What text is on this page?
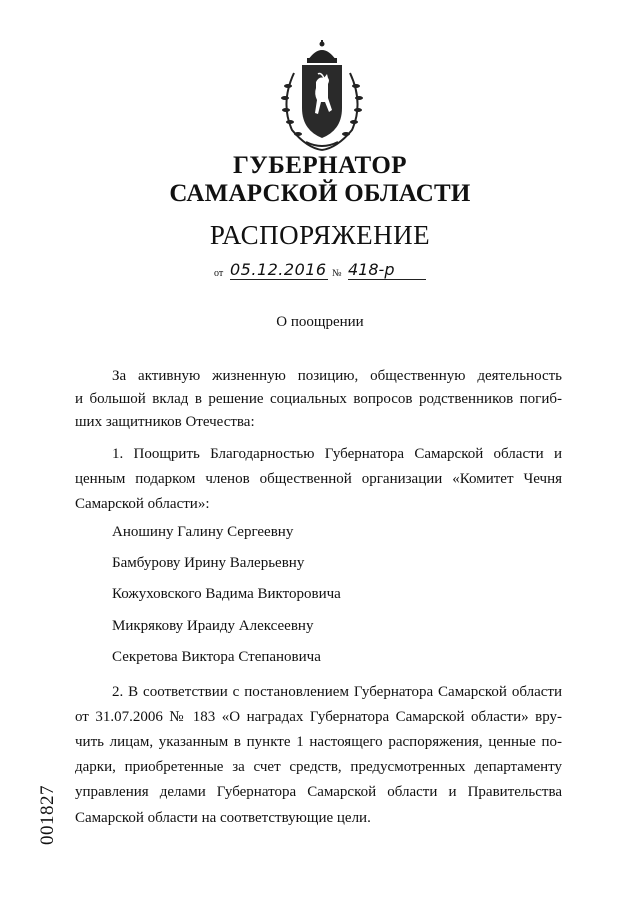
ГУБЕРНАТОР
САМАРСКОЙ ОБЛАСТИ
РАСПОРЯЖЕНИЕ
от 05.12.2016 № 418-р
О поощрении
За активную жизненную позицию, общественную деятельность
и большой вклад в решение социальных вопросов родственников погиб-
ших защитников Отечества:
1. Поощрить Благодарностью Губернатора Самарской области и
ценным подарком членов общественной организации «Комитет Чечня
Самарской области»:
Аношину Галину Сергеевну
Бамбурову Ирину Валерьевну
Кожуховского Вадима Викторовича
Микрякову Ираиду Алексеевну
Секретова Виктора Степановича
2. В соответствии с постановлением Губернатора Самарской области
от 31.07.2006 № 183 «О наградах Губернатора Самарской области» вру-
чить лицам, указанным в пункте 1 настоящего распоряжения, ценные по-
дарки, приобретенные за счет средств, предусмотренных департаменту
управления делами Губернатора Самарской области и Правительства
Самарской области на соответствующие цели.
001827
